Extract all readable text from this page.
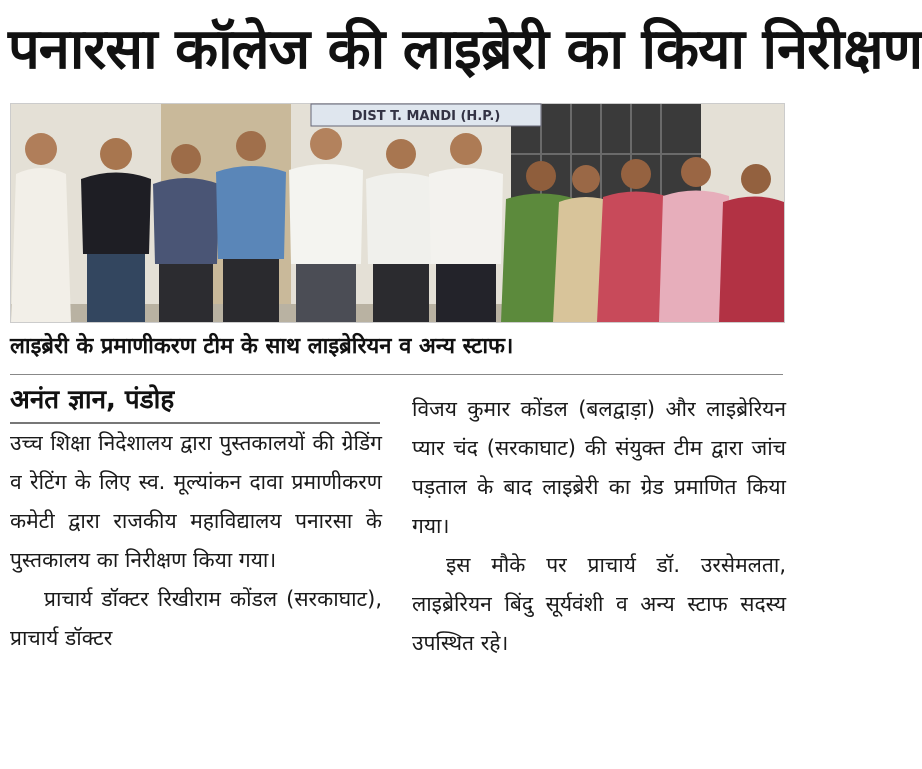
पनारसा कॉलेज की लाइब्रेरी का किया निरीक्षण
DIST T. MANDI (H.P.)
लाइब्रेरी के प्रमाणीकरण टीम के साथ लाइब्रेरियन व अन्य स्टाफ।
अनंत ज्ञान, पंडोह

उच्च शिक्षा निदेशालय द्वारा पुस्तकालयों की ग्रेडिंग व रेटिंग के लिए स्व. मूल्यांकन दावा प्रमाणीकरण कमेटी द्वारा राजकीय महाविद्यालय पनारसा के पुस्तकालय का निरीक्षण किया गया।

प्राचार्य डॉक्टर रिखीराम कोंडल (सरकाघाट), प्राचार्य डॉक्टर

विजय कुमार कोंडल (बलद्वाड़ा) और लाइब्रेरियन प्यार चंद (सरकाघाट) की संयुक्त टीम द्वारा जांच पड़ताल के बाद लाइब्रेरी का ग्रेड प्रमाणित किया गया।

इस मौके पर प्राचार्य डॉ. उरसेमलता, लाइब्रेरियन बिंदु सूर्यवंशी व अन्य स्टाफ सदस्य उपस्थित रहे।
